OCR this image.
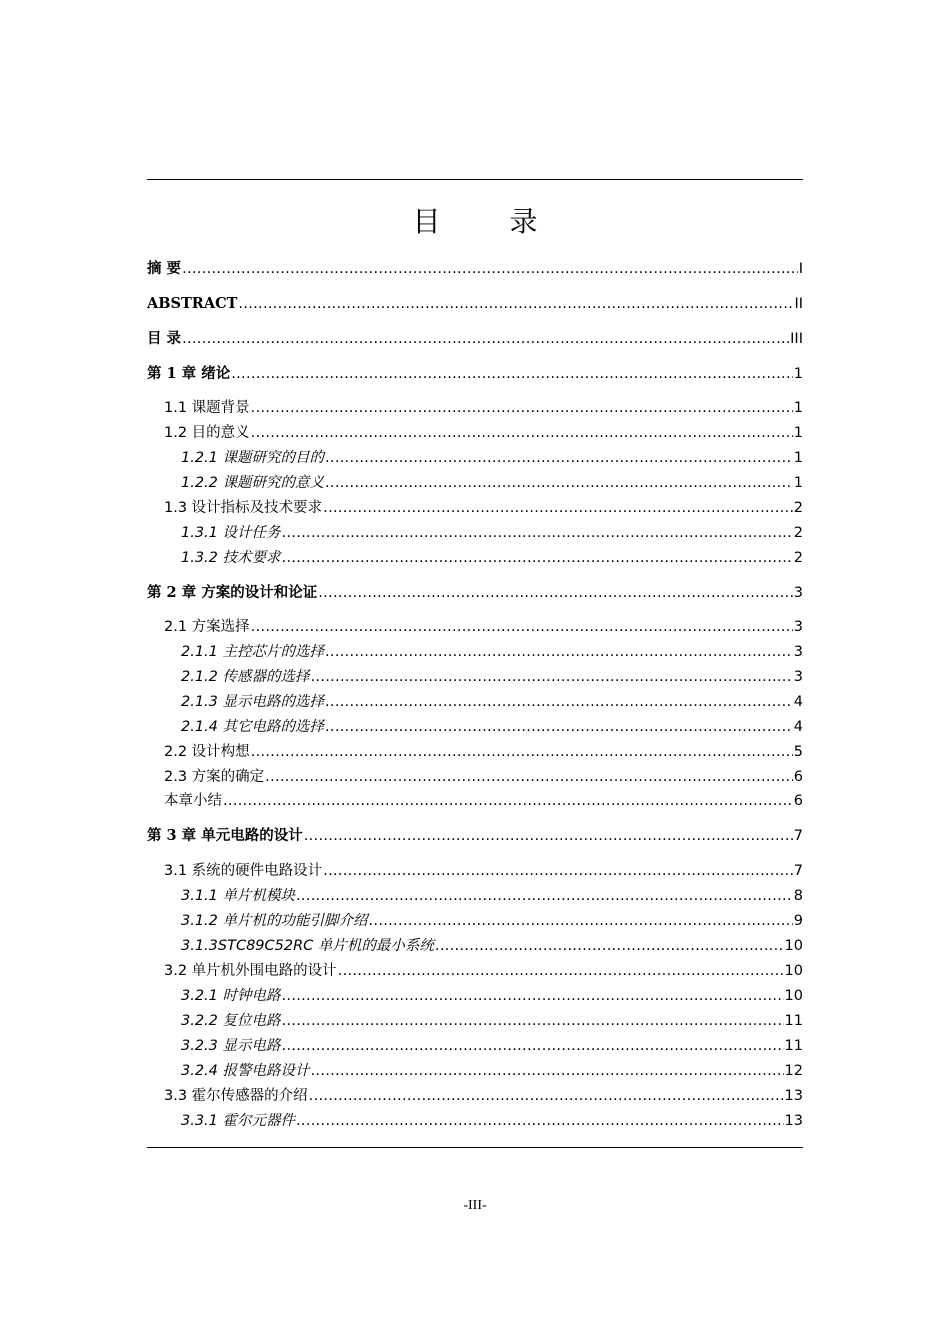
目 录
摘 要 .....	I
ABSTRACT .....	II
目 录 .....	III
第 1 章 绪论 .....	1
1.1 课题背景 .....	1
1.2 目的意义 .....	1
1.2.1 课题研究的目的 .....	1
1.2.2 课题研究的意义 .....	1
1.3 设计指标及技术要求 .....	2
1.3.1 设计任务 .....	2
1.3.2 技术要求 .....	2
第 2 章 方案的设计和论证 .....	3
2.1 方案选择 .....	3
2.1.1 主控芯片的选择 .....	3
2.1.2 传感器的选择 .....	3
2.1.3 显示电路的选择 .....	4
2.1.4 其它电路的选择 .....	4
2.2 设计构想 .....	5
2.3 方案的确定 .....	6
本章小结 .....	6
第 3 章 单元电路的设计 .....	7
3.1 系统的硬件电路设计 .....	7
3.1.1 单片机模块 .....	8
3.1.2 单片机的功能引脚介绍 .....	9
3.1.3STC89C52RC 单片机的最小系统 .....	10
3.2 单片机外围电路的设计 .....	10
3.2.1 时钟电路 .....	10
3.2.2 复位电路 .....	11
3.2.3 显示电路 .....	11
3.2.4 报警电路设计 .....	12
3.3 霍尔传感器的介绍 .....	13
3.3.1 霍尔元器件 .....	13
-III-
